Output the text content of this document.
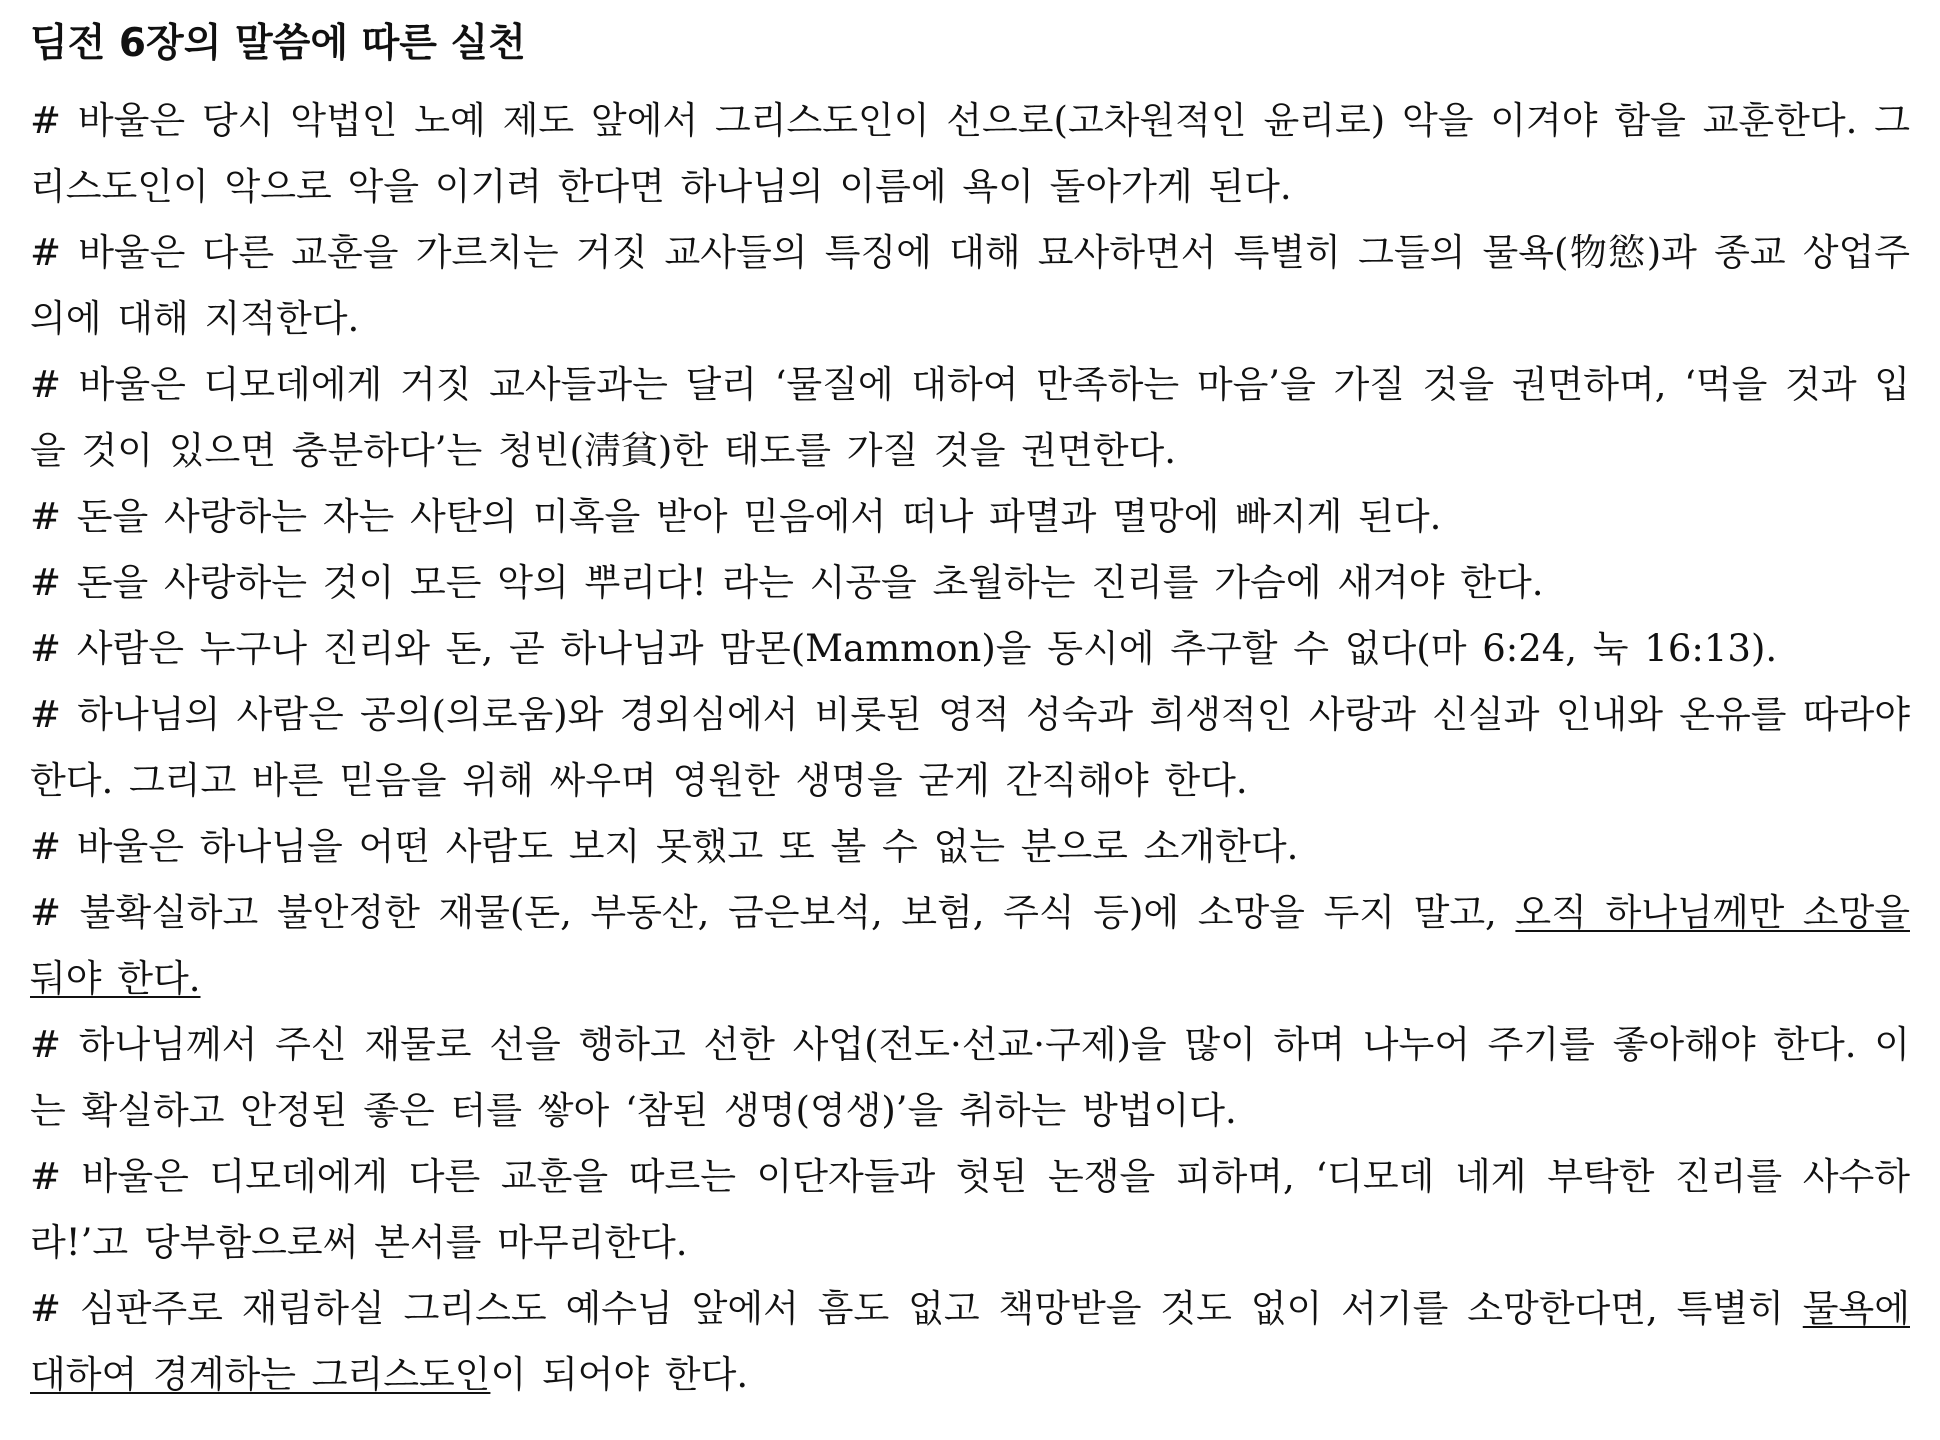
딤전 6장의 말씀에 따른 실천

# 바울은 당시 악법인 노예 제도 앞에서 그리스도인이 선으로(고차원적인 윤리로) 악을 이겨야 함을 교훈한다. 그리스도인이 악으로 악을 이기려 한다면 하나님의 이름에 욕이 돌아가게 된다.

# 바울은 다른 교훈을 가르치는 거짓 교사들의 특징에 대해 묘사하면서 특별히 그들의 물욕(物慾)과 종교 상업주의에 대해 지적한다.

# 바울은 디모데에게 거짓 교사들과는 달리 ‘물질에 대하여 만족하는 마음’을 가질 것을 권면하며, ‘먹을 것과 입을 것이 있으면 충분하다’는 청빈(淸貧)한 태도를 가질 것을 권면한다.

# 돈을 사랑하는 자는 사탄의 미혹을 받아 믿음에서 떠나 파멸과 멸망에 빠지게 된다.

# 돈을 사랑하는 것이 모든 악의 뿌리다! 라는 시공을 초월하는 진리를 가슴에 새겨야 한다.

# 사람은 누구나 진리와 돈, 곧 하나님과 맘몬(Mammon)을 동시에 추구할 수 없다(마 6:24, 눅 16:13).

# 하나님의 사람은 공의(의로움)와 경외심에서 비롯된 영적 성숙과 희생적인 사랑과 신실과 인내와 온유를 따라야 한다. 그리고 바른 믿음을 위해 싸우며 영원한 생명을 굳게 간직해야 한다.

# 바울은 하나님을 어떤 사람도 보지 못했고 또 볼 수 없는 분으로 소개한다.

# 불확실하고 불안정한 재물(돈, 부동산, 금은보석, 보험, 주식 등)에 소망을 두지 말고, 오직 하나님께만 소망을 둬야 한다.

# 하나님께서 주신 재물로 선을 행하고 선한 사업(전도·선교·구제)을 많이 하며 나누어 주기를 좋아해야 한다. 이는 확실하고 안정된 좋은 터를 쌓아 ‘참된 생명(영생)’을 취하는 방법이다.

# 바울은 디모데에게 다른 교훈을 따르는 이단자들과 헛된 논쟁을 피하며, ‘디모데 네게 부탁한 진리를 사수하라!’고 당부함으로써 본서를 마무리한다.

# 심판주로 재림하실 그리스도 예수님 앞에서 흠도 없고 책망받을 것도 없이 서기를 소망한다면, 특별히 물욕에 대하여 경계하는 그리스도인이 되어야 한다.
